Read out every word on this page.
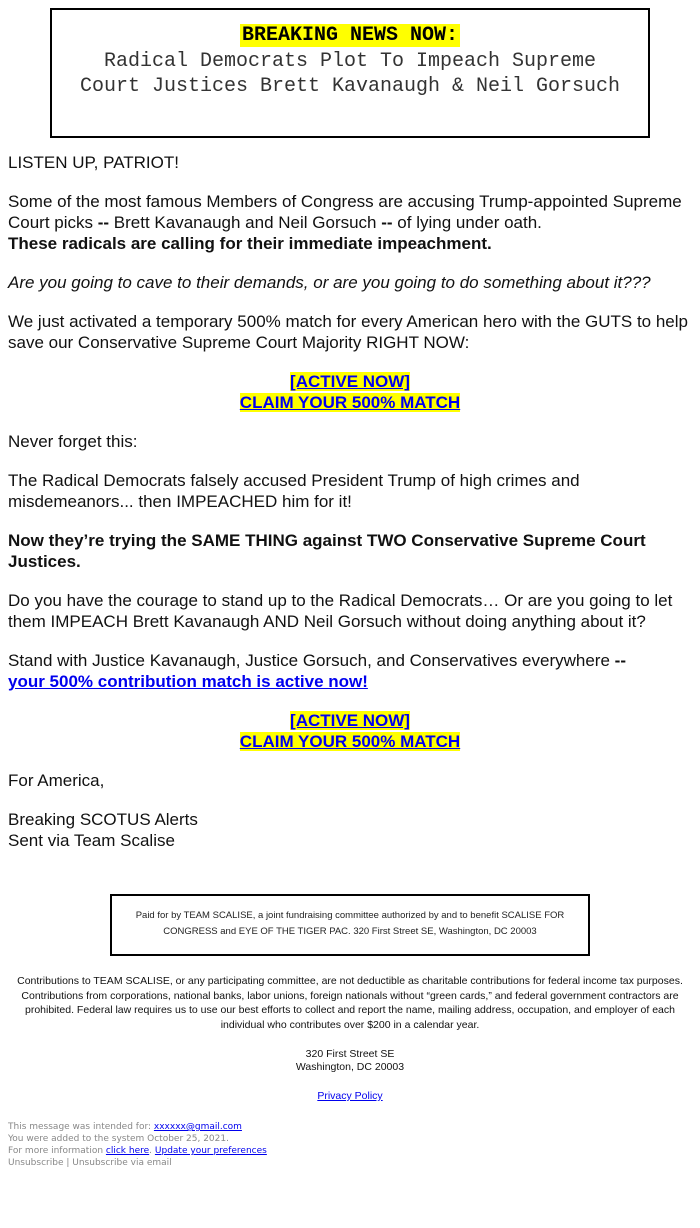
BREAKING NEWS NOW:
Radical Democrats Plot To Impeach Supreme Court Justices Brett Kavanaugh & Neil Gorsuch

LISTEN UP, PATRIOT!

Some of the most famous Members of Congress are accusing Trump-appointed Supreme Court picks -- Brett Kavanaugh and Neil Gorsuch -- of lying under oath.
These radicals are calling for their immediate impeachment.

Are you going to cave to their demands, or are you going to do something about it???

We just activated a temporary 500% match for every American hero with the GUTS to help save our Conservative Supreme Court Majority RIGHT NOW:

[ACTIVE NOW]
CLAIM YOUR 500% MATCH

Never forget this:

The Radical Democrats falsely accused President Trump of high crimes and misdemeanors... then IMPEACHED him for it!

Now they’re trying the SAME THING against TWO Conservative Supreme Court Justices.

Do you have the courage to stand up to the Radical Democrats… Or are you going to let them IMPEACH Brett Kavanaugh AND Neil Gorsuch without doing anything about it?

Stand with Justice Kavanaugh, Justice Gorsuch, and Conservatives everywhere --
your 500% contribution match is active now!

[ACTIVE NOW]
CLAIM YOUR 500% MATCH

For America,

Breaking SCOTUS Alerts
Sent via Team Scalise

Paid for by TEAM SCALISE, a joint fundraising committee authorized by and to benefit SCALISE FOR CONGRESS and EYE OF THE TIGER PAC. 320 First Street SE, Washington, DC 20003
Contributions to TEAM SCALISE, or any participating committee, are not deductible as charitable contributions for federal income tax purposes. Contributions from corporations, national banks, labor unions, foreign nationals without “green cards,” and federal government contractors are prohibited. Federal law requires us to use our best efforts to collect and report the name, mailing address, occupation, and employer of each individual who contributes over $200 in a calendar year.
320 First Street SE
Washington, DC 20003
Privacy Policy
This message was intended for: xxxxxx@gmail.com
You were added to the system October 25, 2021.
For more information click here. Update your preferences
Unsubscribe | Unsubscribe via email
